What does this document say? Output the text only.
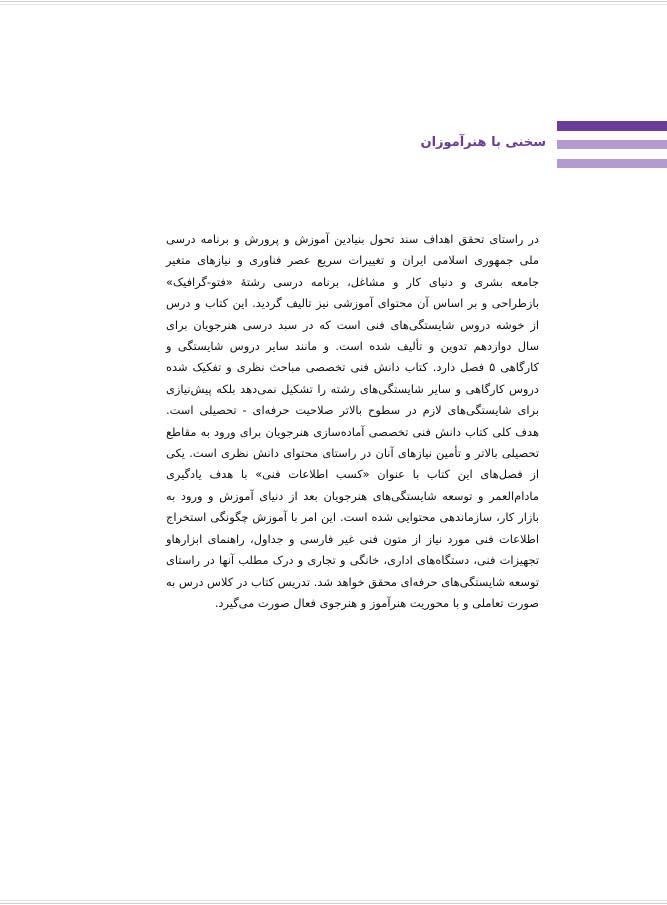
سخنی با هنرآموزان

در راستای تحقق اهداف سند تحول بنیادین آموزش و پرورش و برنامه درسی ملی جمهوری اسلامی ایران و تغییرات سریع عصر فناوری و نیازهای متغیر جامعه بشری و دنیای کار و مشاغل، برنامه درسی رشتهٔ «فتو-گرافیک» بازطراحی و بر اساس آن محتوای آموزشی نیز تالیف گردید. این کتاب و درس از خوشه دروس شایستگی‌های فنی است که در سبد درسی هنرجویان برای سال دوازدهم تدوین و تألیف شده است. و مانند سایر دروس شایستگی و کارگاهی ۵ فصل دارد. کتاب دانش فنی تخصصی مباحث نظری و تفکیک شده دروس کارگاهی و سایر شایستگی‌های رشته را تشکیل نمی‌دهد بلکه پیش‌نیازی برای شایستگی‌های لازم در سطوح بالاتر صلاحیت حرفه‌ای - تحصیلی است. هدف کلی کتاب دانش فنی تخصصی آماده‌سازی هنرجویان برای ورود به مقاطع تحصیلی بالاتر و تأمین نیازهای آنان در راستای محتوای دانش نظری است. یکی از فصل‌های این کتاب با عنوان «کسب اطلاعات فنی» با هدف یادگیری مادام‌العمر و توسعه شایستگی‌های هنرجویان بعد از دنیای آموزش و ورود به بازار کار، سازماندهی محتوایی شده است. این امر با آموزش چگونگی استخراج اطلاعات فنی مورد نیاز از متون فنی غیر فارسی و جداول، راهنمای ابزارهاو تجهیزات فنی، دستگاه‌های اداری، خانگی و تجاری و درک مطلب آنها در راستای توسعه شایستگی‌های حرفه‌ای محقق خواهد شد. تدریس کتاب در کلاس درس به صورت تعاملی و با محوریت هنرآموز و هنرجوی فعال صورت می‌گیرد.
